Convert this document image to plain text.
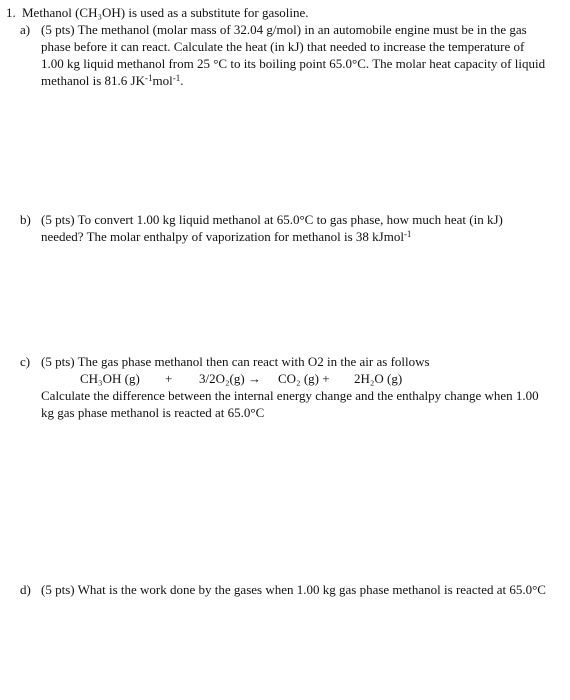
1. Methanol (CH₃OH) is used as a substitute for gasoline.
a) (5 pts) The methanol (molar mass of 32.04 g/mol) in an automobile engine must be in the gas
phase before it can react. Calculate the heat (in kJ) that needed to increase the temperature of
1.00 kg liquid methanol from 25 °C to its boiling point 65.0°C. The molar heat capacity of liquid
methanol is 81.6 $JK^{-1}mol^{-1}$.
b) (5 pts) To convert 1.00 kg liquid methanol at 65.0°C to gas phase, how much heat (in kJ)
needed? The molar enthalpy of vaporization for methanol is 38 kJmol$^{-1}$
c) (5 pts) The gas phase methanol then can react with O2 in the air as follows
CH₃OH (g) + 3/2O₂(g) → CO₂ (g) + 2H₂O (g)
Calculate the difference between the internal energy change and the enthalpy change when 1.00
kg gas phase methanol is reacted at 65.0°C
d) (5 pts) What is the work done by the gases when 1.00 kg gas phase methanol is reacted at 65.0°C
